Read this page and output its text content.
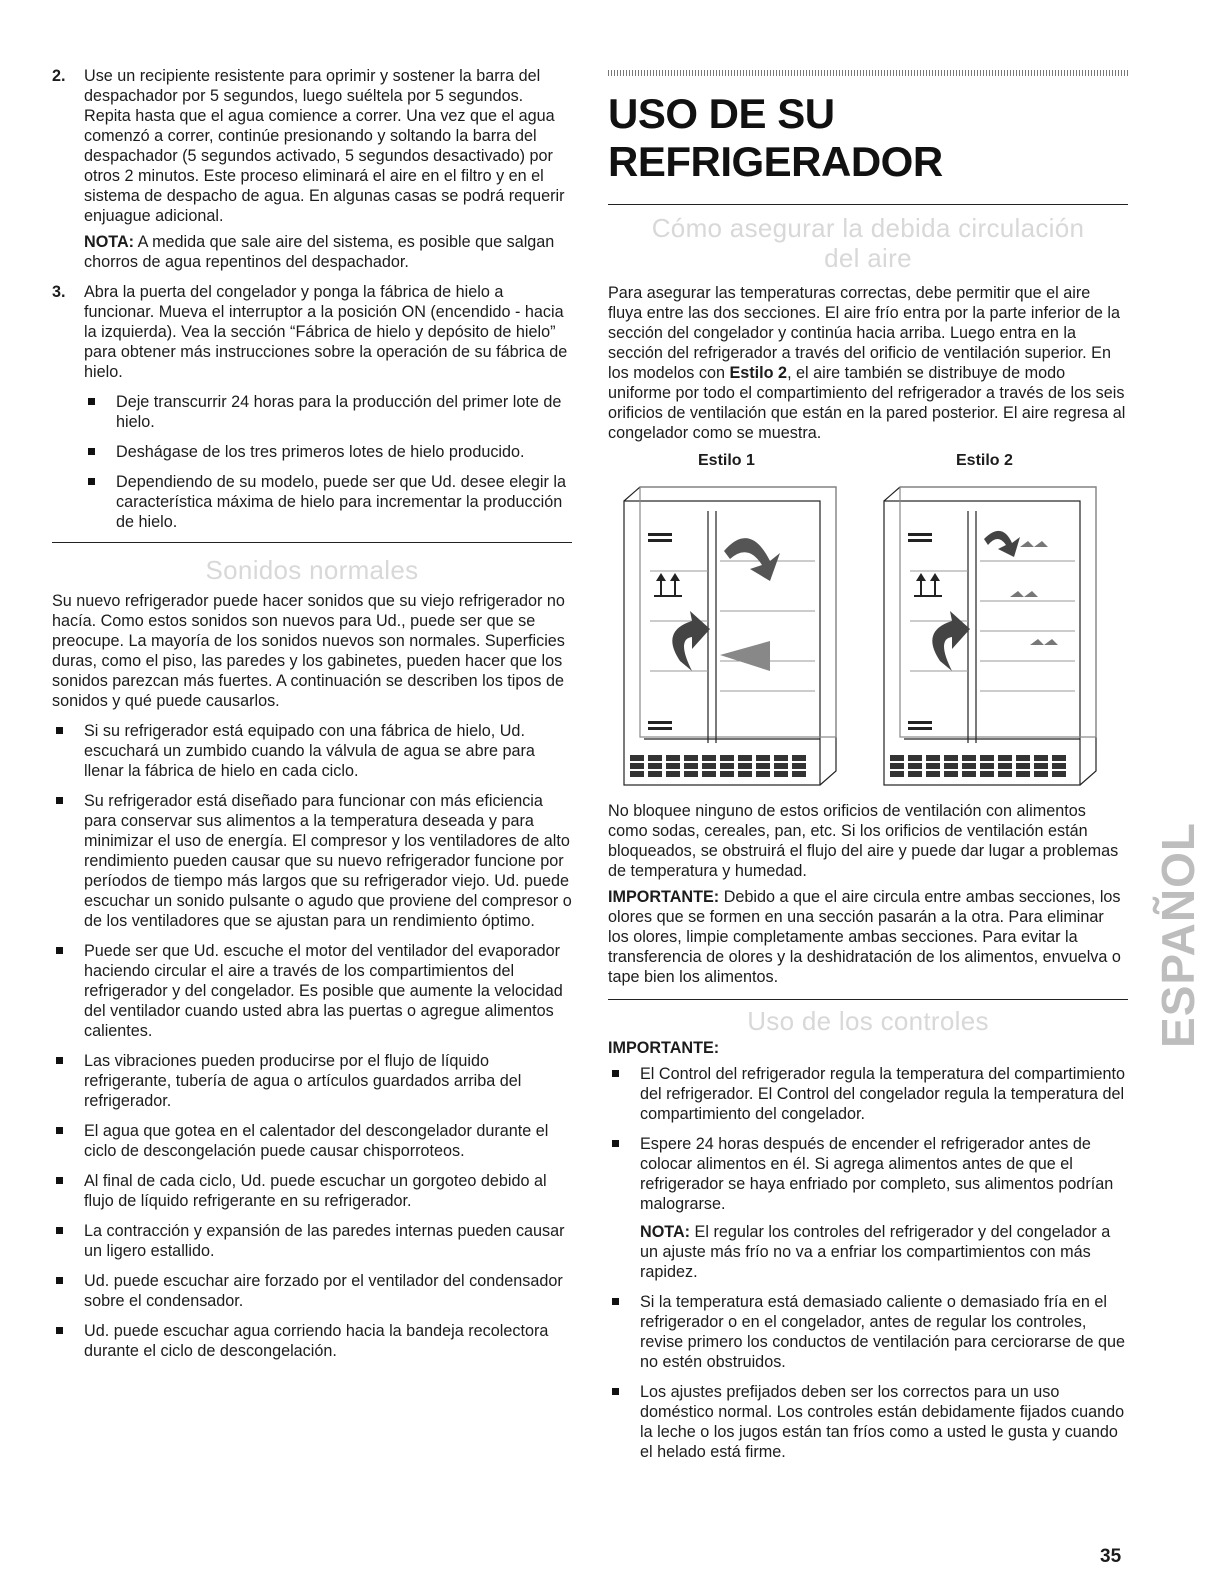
2. Use un recipiente resistente para oprimir y sostener la barra del despachador por 5 segundos, luego suéltela por 5 segundos. Repita hasta que el agua comience a correr. Una vez que el agua comenzó a correr, continúe presionando y soltando la barra del despachador (5 segundos activado, 5 segundos desactivado) por otros 2 minutos. Este proceso eliminará el aire en el filtro y en el sistema de despacho de agua. En algunas casas se podrá requerir enjuague adicional.

NOTA: A medida que sale aire del sistema, es posible que salgan chorros de agua repentinos del despachador.

3. Abra la puerta del congelador y ponga la fábrica de hielo a funcionar. Mueva el interruptor a la posición ON (encendido - hacia la izquierda). Vea la sección “Fábrica de hielo y depósito de hielo” para obtener más instrucciones sobre la operación de su fábrica de hielo.

Deje transcurrir 24 horas para la producción del primer lote de hielo.
Deshágase de los tres primeros lotes de hielo producido.
Dependiendo de su modelo, puede ser que Ud. desee elegir la característica máxima de hielo para incrementar la producción de hielo.
Sonidos normales

Su nuevo refrigerador puede hacer sonidos que su viejo refrigerador no hacía. Como estos sonidos son nuevos para Ud., puede ser que se preocupe. La mayoría de los sonidos nuevos son normales. Superficies duras, como el piso, las paredes y los gabinetes, pueden hacer que los sonidos parezcan más fuertes. A continuación se describen los tipos de sonidos y qué puede causarlos.

Si su refrigerador está equipado con una fábrica de hielo, Ud. escuchará un zumbido cuando la válvula de agua se abre para llenar la fábrica de hielo en cada ciclo.
Su refrigerador está diseñado para funcionar con más eficiencia para conservar sus alimentos a la temperatura deseada y para minimizar el uso de energía. El compresor y los ventiladores de alto rendimiento pueden causar que su nuevo refrigerador funcione por períodos de tiempo más largos que su refrigerador viejo. Ud. puede escuchar un sonido pulsante o agudo que proviene del compresor o de los ventiladores que se ajustan para un rendimiento óptimo.
Puede ser que Ud. escuche el motor del ventilador del evaporador haciendo circular el aire a través de los compartimientos del refrigerador y del congelador. Es posible que aumente la velocidad del ventilador cuando usted abra las puertas o agregue alimentos calientes.
Las vibraciones pueden producirse por el flujo de líquido refrigerante, tubería de agua o artículos guardados arriba del refrigerador.
El agua que gotea en el calentador del descongelador durante el ciclo de descongelación puede causar chisporroteos.
Al final de cada ciclo, Ud. puede escuchar un gorgoteo debido al flujo de líquido refrigerante en su refrigerador.
La contracción y expansión de las paredes internas pueden causar un ligero estallido.
Ud. puede escuchar aire forzado por el ventilador del condensador sobre el condensador.
Ud. puede escuchar agua corriendo hacia la bandeja recolectora durante el ciclo de descongelación.
USO DE SU REFRIGERADOR
Cómo asegurar la debida circulación
del aire

Para asegurar las temperaturas correctas, debe permitir que el aire fluya entre las dos secciones. El aire frío entra por la parte inferior de la sección del congelador y continúa hacia arriba. Luego entra en la sección del refrigerador a través del orificio de ventilación superior. En los modelos con Estilo 2, el aire también se distribuye de modo uniforme por todo el compartimiento del refrigerador a través de los seis orificios de ventilación que están en la pared posterior. El aire regresa al congelador como se muestra.

Estilo 1	Estilo 2

No bloquee ninguno de estos orificios de ventilación con alimentos como sodas, cereales, pan, etc. Si los orificios de ventilación están bloqueados, se obstruirá el flujo del aire y puede dar lugar a problemas de temperatura y humedad.

IMPORTANTE: Debido a que el aire circula entre ambas secciones, los olores que se formen en una sección pasarán a la otra. Para eliminar los olores, limpie completamente ambas secciones. Para evitar la transferencia de olores y la deshidratación de los alimentos, envuelva o tape bien los alimentos.

Uso de los controles

IMPORTANTE:

El Control del refrigerador regula la temperatura del compartimiento del refrigerador. El Control del congelador regula la temperatura del compartimiento del congelador.
Espere 24 horas después de encender el refrigerador antes de colocar alimentos en él. Si agrega alimentos antes de que el refrigerador se haya enfriado por completo, sus alimentos podrían malograrse.
NOTA: El regular los controles del refrigerador y del congelador a un ajuste más frío no va a enfriar los compartimientos con más rapidez.
Si la temperatura está demasiado caliente o demasiado fría en el refrigerador o en el congelador, antes de regular los controles, revise primero los conductos de ventilación para cerciorarse de que no estén obstruidos.
Los ajustes prefijados deben ser los correctos para un uso doméstico normal. Los controles están debidamente fijados cuando la leche o los jugos están tan fríos como a usted le gusta y cuando el helado está firme.
ESPAÑOL
35
